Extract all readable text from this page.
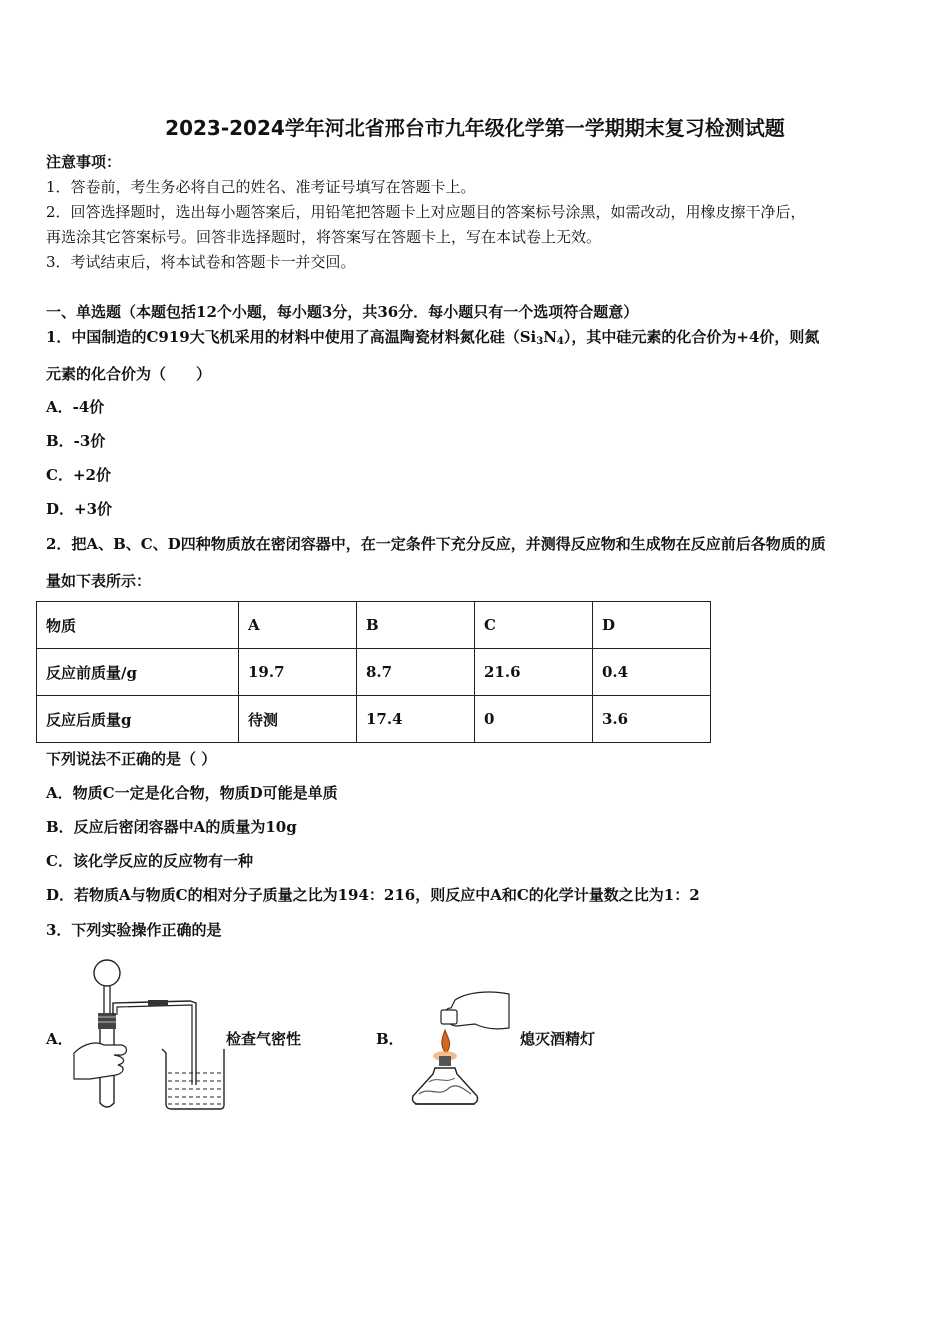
2023-2024学年河北省邢台市九年级化学第一学期期末复习检测试题
注意事项：
1．答卷前，考生务必将自己的姓名、准考证号填写在答题卡上。
2．回答选择题时，选出每小题答案后，用铅笔把答题卡上对应题目的答案标号涂黑，如需改动，用橡皮擦干净后，
再选涂其它答案标号。回答非选择题时，将答案写在答题卡上，写在本试卷上无效。
3．考试结束后，将本试卷和答题卡一并交回。
一、单选题（本题包括12个小题，每小题3分，共36分．每小题只有一个选项符合题意）
1．中国制造的C919大飞机采用的材料中使用了高温陶瓷材料氮化硅$(Si_3N_4)$，其中硅元素的化合价为+4价，则氮
元素的化合价为（　　）
A．-4价
B．-3价
C．+2价
D．+3价
2．把A、B、C、D四种物质放在密闭容器中，在一定条件下充分反应，并测得反应物和生成物在反应前后各物质的质
量如下表所示：
物质	A	B	C	D
反应前质量/g	19.7	8.7	21.6	0.4
反应后质量g	待测	17.4	0	3.6
下列说法不正确的是（ ）
A．物质C一定是化合物，物质D可能是单质
B．反应后密闭容器中A的质量为10g
C．该化学反应的反应物有一种
D．若物质A与物质C的相对分子质量之比为194：216，则反应中A和C的化学计量数之比为1：2
3．下列实验操作正确的是
A．	检查气密性	B．	熄灭酒精灯
